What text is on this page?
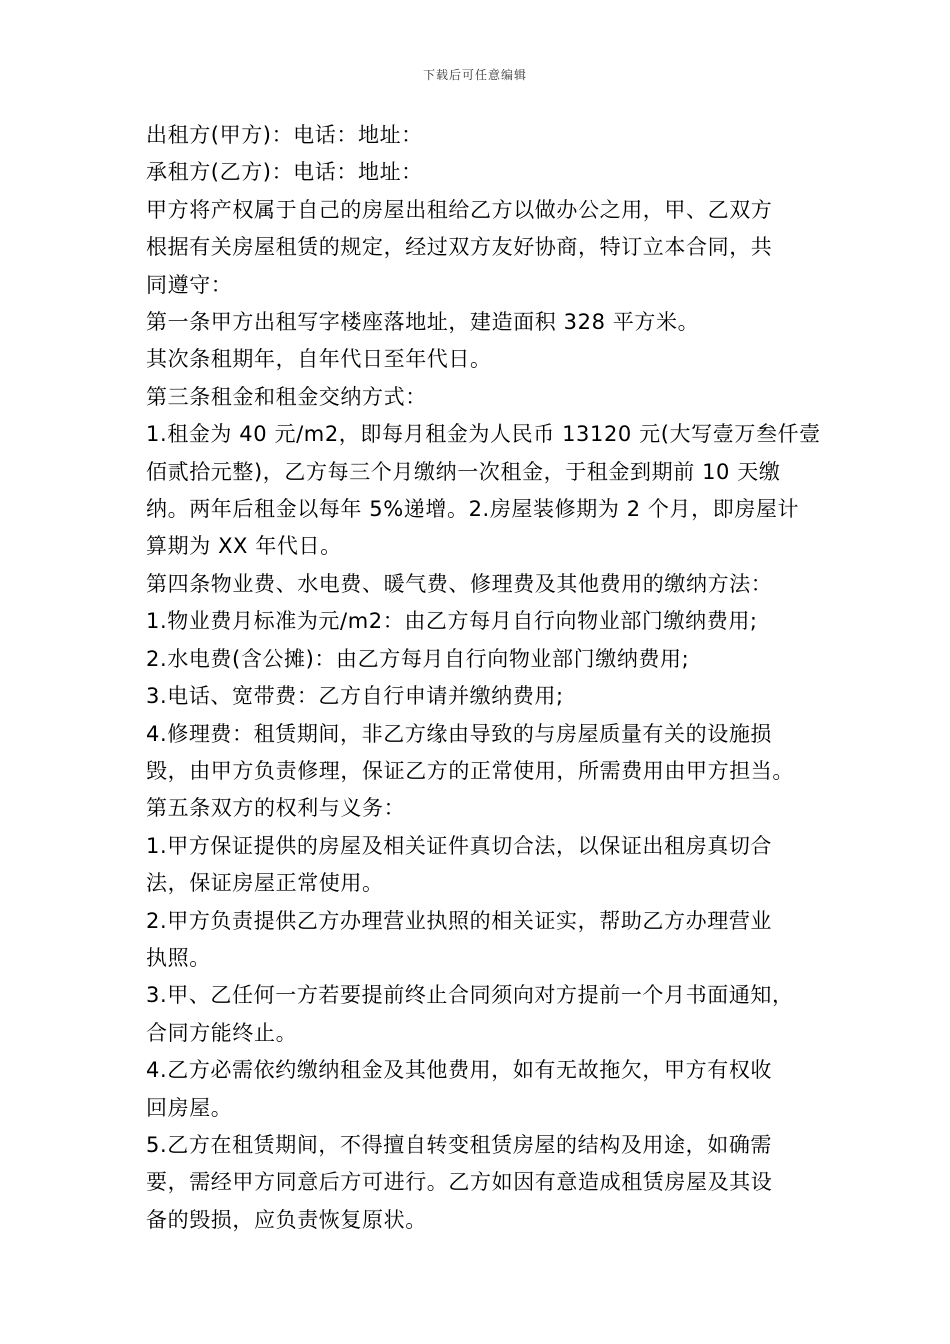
下载后可任意编辑
出租方(甲方)：电话：地址：
承租方(乙方)：电话：地址：
甲方将产权属于自己的房屋出租给乙方以做办公之用，甲、乙双方
根据有关房屋租赁的规定，经过双方友好协商，特订立本合同，共
同遵守：
第一条甲方出租写字楼座落地址，建造面积 328 平方米。
其次条租期年，自年代日至年代日。
第三条租金和租金交纳方式：
1.租金为 40 元/m2，即每月租金为人民币 13120 元(大写壹万叁仟壹
佰贰拾元整)，乙方每三个月缴纳一次租金，于租金到期前 10 天缴
纳。两年后租金以每年 5%递增。2.房屋装修期为 2 个月，即房屋计
算期为 XX 年代日。
第四条物业费、水电费、暖气费、修理费及其他费用的缴纳方法：
1.物业费月标准为元/m2：由乙方每月自行向物业部门缴纳费用;
2.水电费(含公摊)：由乙方每月自行向物业部门缴纳费用;
3.电话、宽带费：乙方自行申请并缴纳费用;
4.修理费：租赁期间，非乙方缘由导致的与房屋质量有关的设施损
毁，由甲方负责修理，保证乙方的正常使用，所需费用由甲方担当。
第五条双方的权利与义务：
1.甲方保证提供的房屋及相关证件真切合法，以保证出租房真切合
法，保证房屋正常使用。
2.甲方负责提供乙方办理营业执照的相关证实，帮助乙方办理营业
执照。
3.甲、乙任何一方若要提前终止合同须向对方提前一个月书面通知，
合同方能终止。
4.乙方必需依约缴纳租金及其他费用，如有无故拖欠，甲方有权收
回房屋。
5.乙方在租赁期间，不得擅自转变租赁房屋的结构及用途，如确需
要，需经甲方同意后方可进行。乙方如因有意造成租赁房屋及其设
备的毁损，应负责恢复原状。
